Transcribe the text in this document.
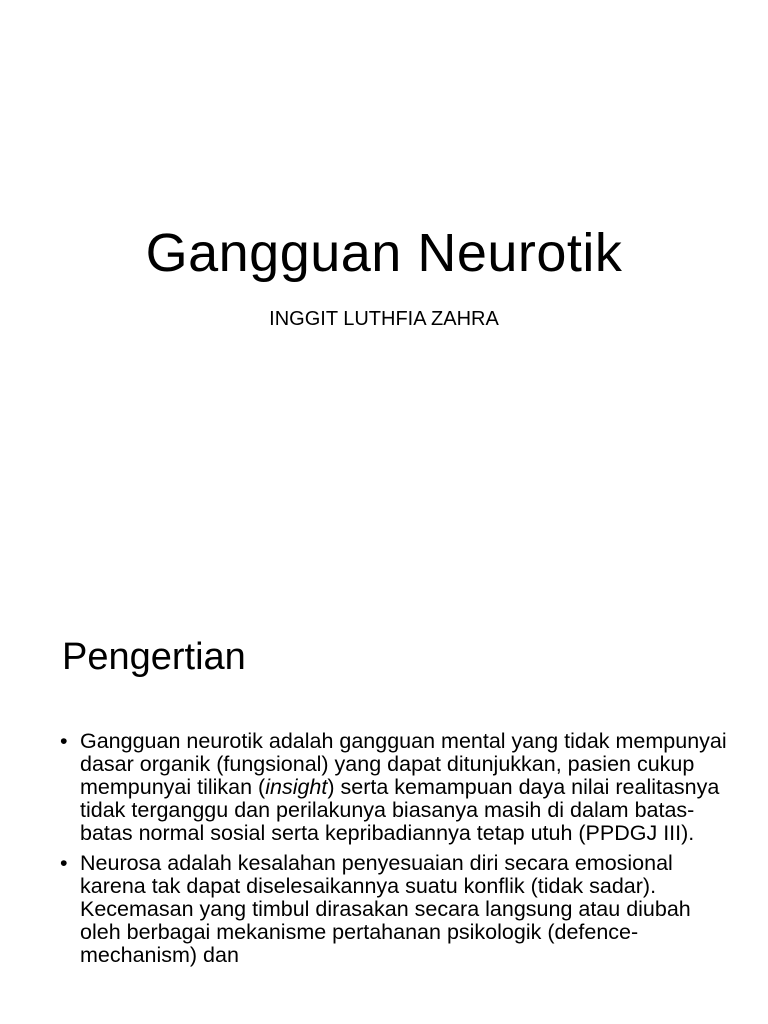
Gangguan Neurotik

INGGIT LUTHFIA ZAHRA

Pengertian
• Gangguan neurotik adalah gangguan mental yang tidak mempunyai dasar organik (fungsional) yang dapat ditunjukkan, pasien cukup mempunyai tilikan (insight) serta kemampuan daya nilai realitasnya tidak terganggu dan perilakunya biasanya masih di dalam batas-batas normal sosial serta kepribadiannya tetap utuh (PPDGJ III).
• Neurosa adalah kesalahan penyesuaian diri secara emosional karena tak dapat diselesaikannya suatu konflik (tidak sadar). Kecemasan yang timbul dirasakan secara langsung atau diubah oleh berbagai mekanisme pertahanan psikologik (defence-mechanism) dan
